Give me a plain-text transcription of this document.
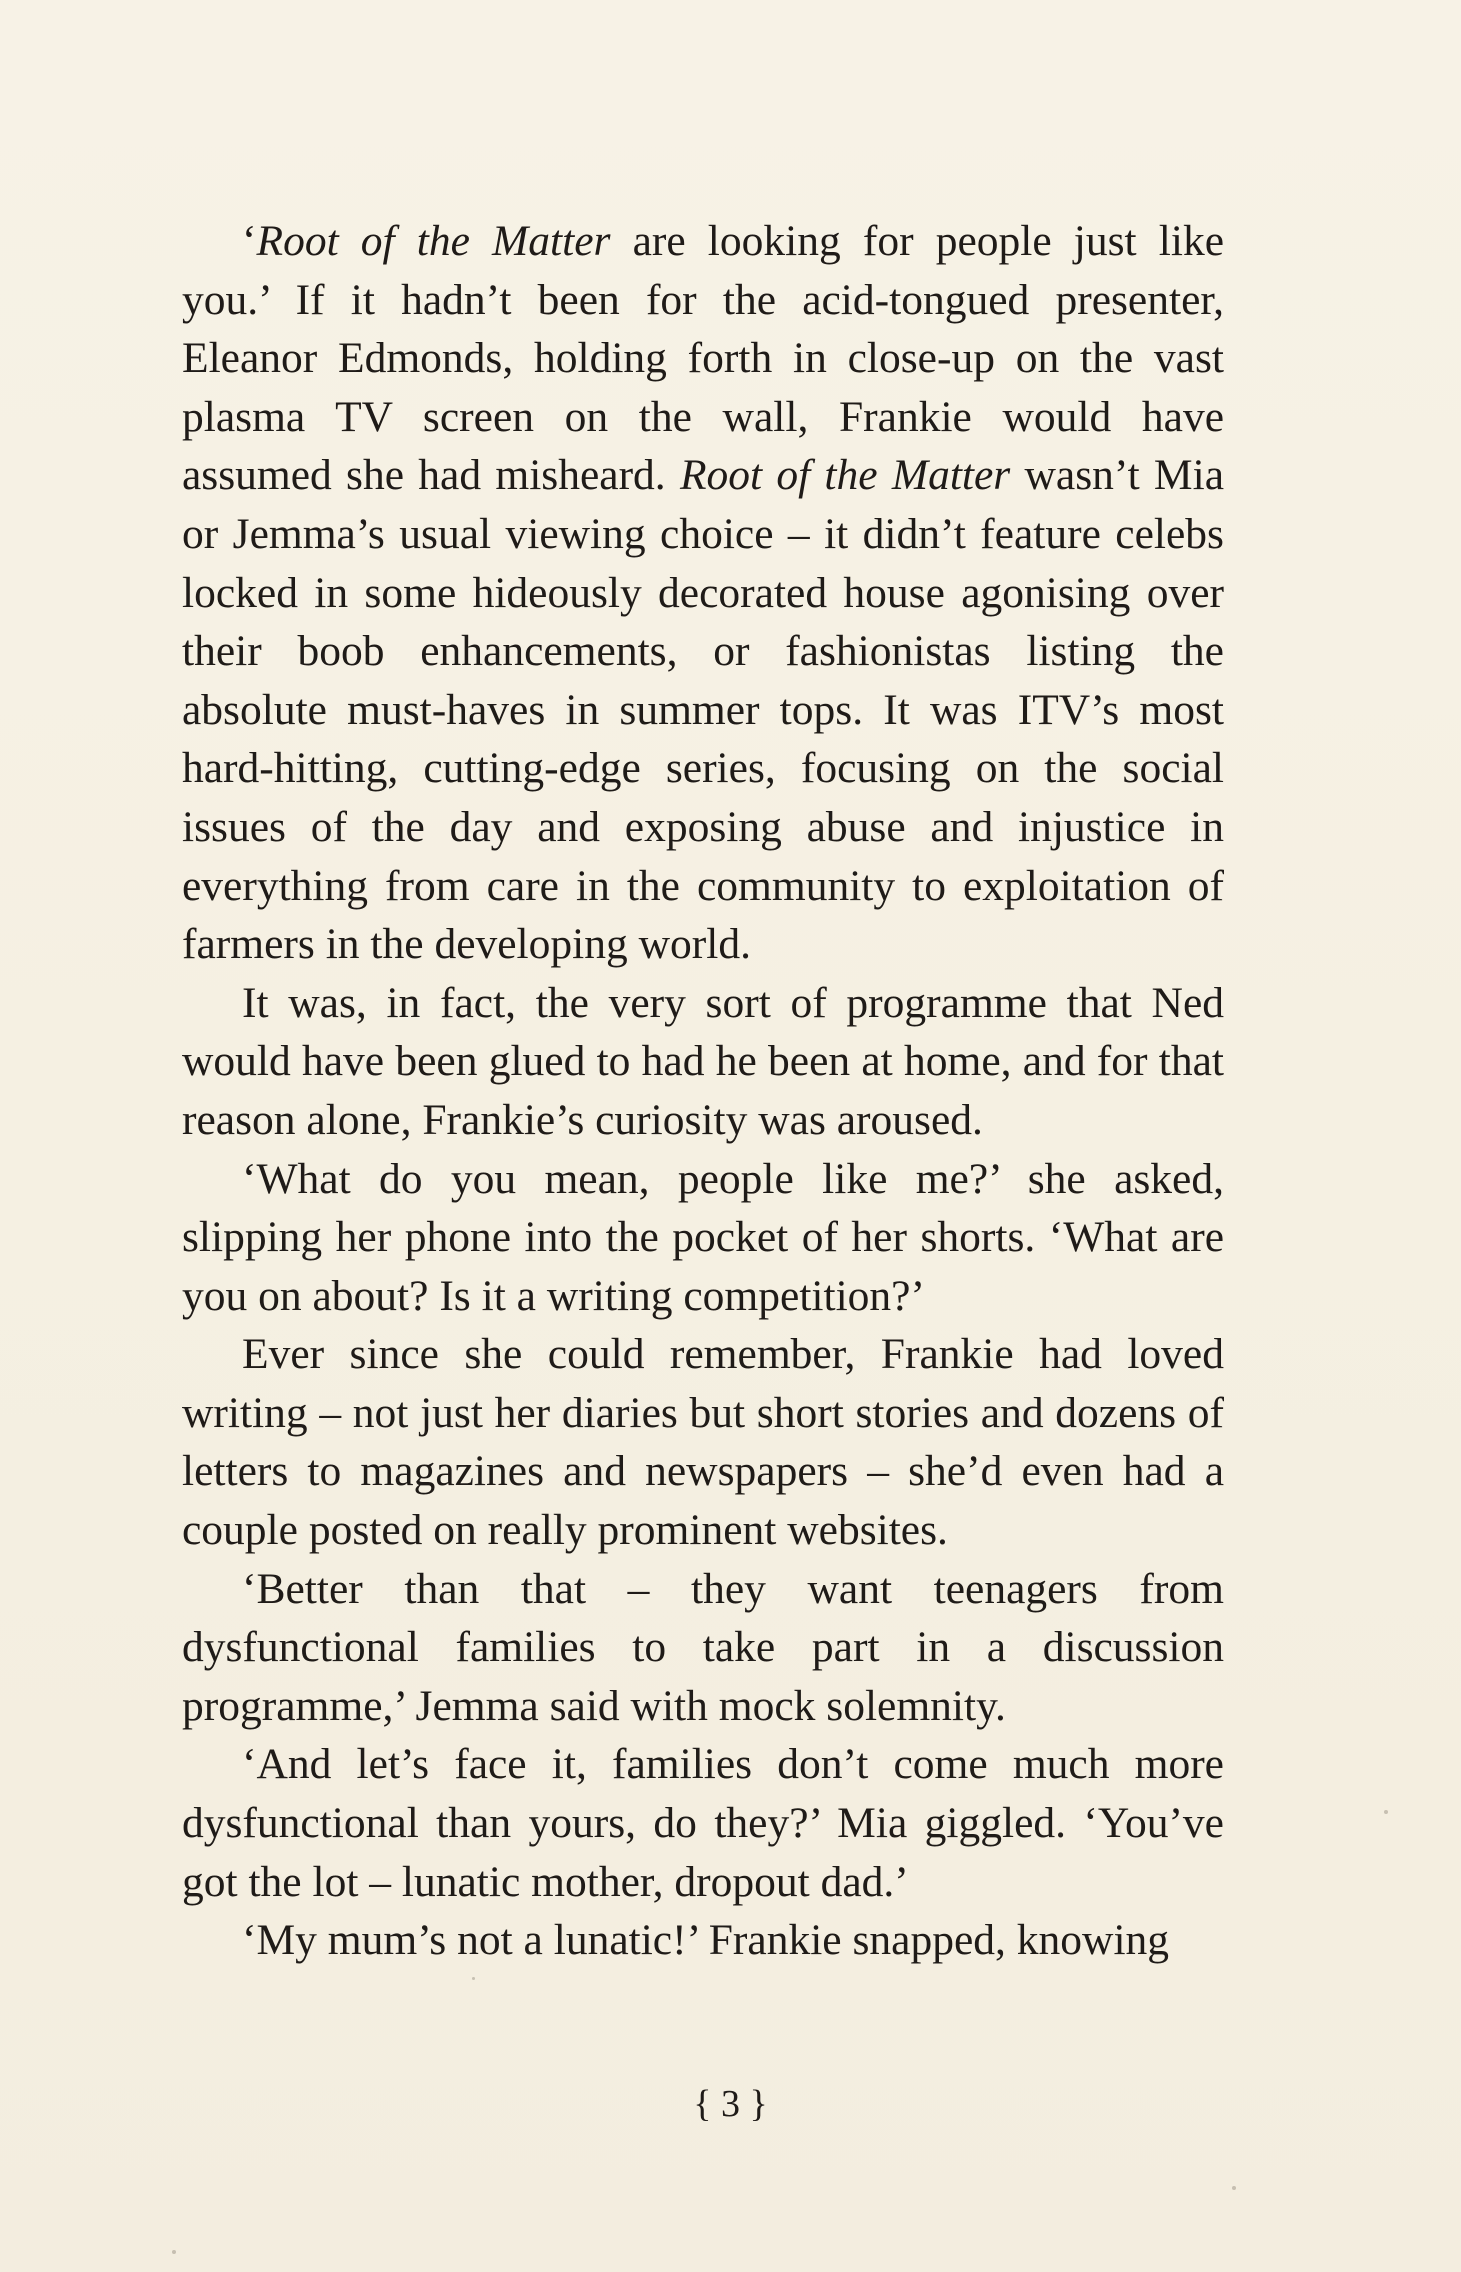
‘Root of the Matter are looking for people just like you.’ If it hadn’t been for the acid-tongued presenter, Eleanor Edmonds, holding forth in close-up on the vast plasma TV screen on the wall, Frankie would have assumed she had misheard. Root of the Matter wasn’t Mia or Jemma’s usual viewing choice – it didn’t feature celebs locked in some hideously decorated house agonising over their boob enhancements, or fashionistas listing the absolute must-haves in summer tops. It was ITV’s most hard-hitting, cutting-edge series, focusing on the social issues of the day and exposing abuse and injustice in everything from care in the community to exploitation of farmers in the developing world.

It was, in fact, the very sort of programme that Ned would have been glued to had he been at home, and for that reason alone, Frankie’s curiosity was aroused.

‘What do you mean, people like me?’ she asked, slipping her phone into the pocket of her shorts. ‘What are you on about? Is it a writing competition?’

Ever since she could remember, Frankie had loved writing – not just her diaries but short stories and dozens of letters to magazines and newspapers – she’d even had a couple posted on really prominent websites.

‘Better than that – they want teenagers from dysfunctional families to take part in a discussion programme,’ Jemma said with mock solemnity.

‘And let’s face it, families don’t come much more dysfunctional than yours, do they?’ Mia giggled. ‘You’ve got the lot – lunatic mother, dropout dad.’

‘My mum’s not a lunatic!’ Frankie snapped, knowing

{ 3 }
